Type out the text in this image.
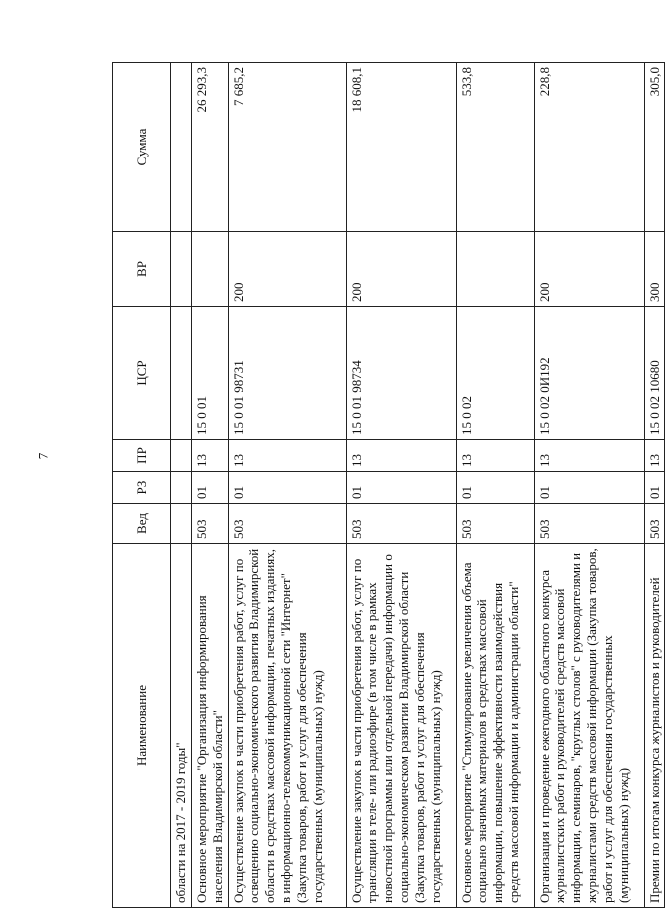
7
Наименование	Вед	РЗ	ПР	ЦСР	ВР	Сумма
области на 2017 - 2019 годы"						
Основное мероприятие "Организация информирования населения Владимирской области"	503	01	13	15 0 01		26 293,3
Осуществление закупок в части приобретения работ, услуг по освещению социально-экономического развития Владимирской области в средствах массовой информации, печатных изданиях, в информационно-телекоммуникационной сети "Интернет" (Закупка товаров, работ и услуг для обеспечения государственных (муниципальных) нужд)	503	01	13	15 0 01 98731	200	7 685,2
Осуществление закупок в части приобретения работ, услуг по трансляции в теле- или радиоэфире (в том числе в рамках новостной программы или отдельной передачи) информации о социально-экономическом развитии Владимирской области (Закупка товаров, работ и услуг для обеспечения государственных (муниципальных) нужд)	503	01	13	15 0 01 98734	200	18 608,1
Основное мероприятие "Стимулирование увеличения объема социально значимых материалов в средствах массовой информации, повышение эффективности взаимодействия средств массовой информации и администрации области"	503	01	13	15 0 02		533,8
Организация и проведение ежегодного областного конкурса журналистских работ и руководителей средств массовой информации, семинаров, "круглых столов" с руководителями и журналистами средств массовой информации (Закупка товаров, работ и услуг для обеспечения государственных (муниципальных) нужд)	503	01	13	15 0 02 0И192	200	228,8
Премии по итогам конкурса журналистов и руководителей	503	01	13	15 0 02 10680	300	305,0
